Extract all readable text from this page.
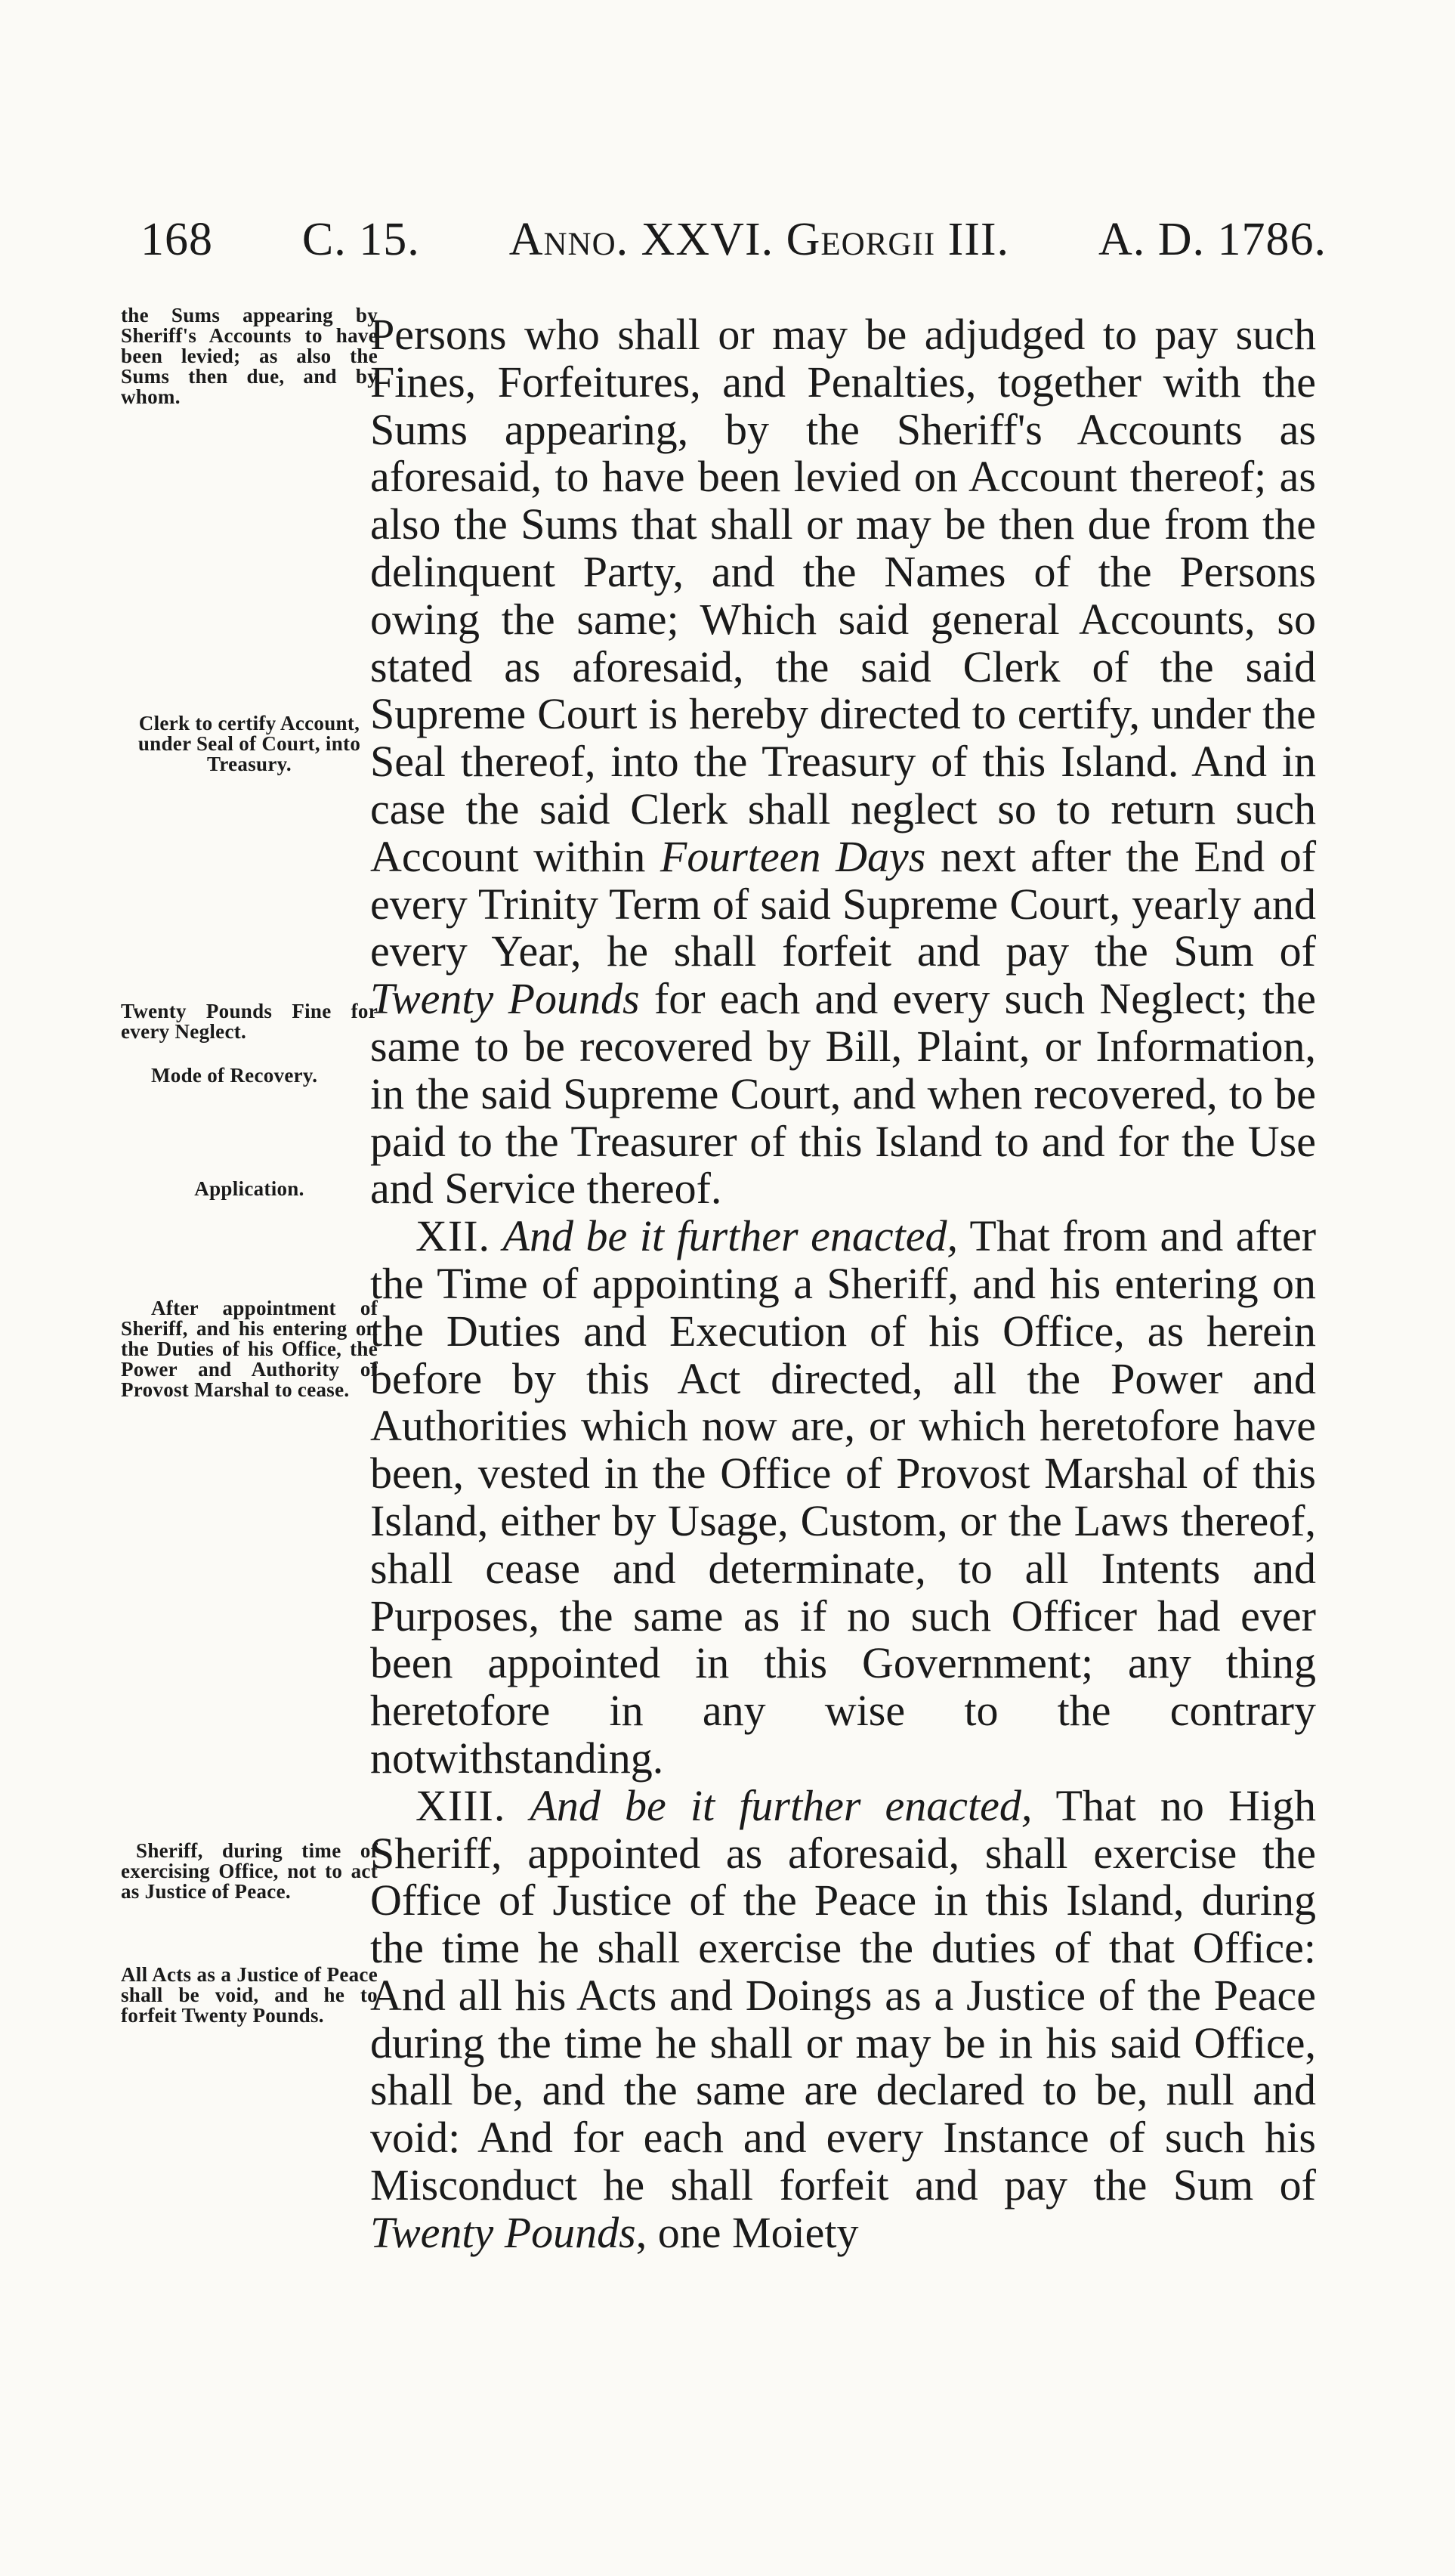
168 C. 15. Anno. XXVI. Georgii III. A. D. 1786.
the Sums appearing by Sheriff's Accounts to have been levied; as also the Sums then due, and by whom.
Clerk to certify Account, under Seal of Court, into Treasury.
Twenty Pounds Fine for every Neglect.
Mode of Recovery.
Application.
After appointment of Sheriff, and his entering on the Duties of his Office, the Power and Authority of Provost Marshal to cease.
Sheriff, during time of exercising Office, not to act as Justice of Peace.
All Acts as a Justice of Peace shall be void, and he to forfeit Twenty Pounds.

Persons who shall or may be adjudged to pay such Fines, Forfeitures, and Penalties, together with the Sums appearing, by the Sheriff's Accounts as aforesaid, to have been levied on Account thereof; as also the Sums that shall or may be then due from the delinquent Party, and the Names of the Persons owing the same; Which said general Accounts, so stated as aforesaid, the said Clerk of the said Supreme Court is hereby directed to certify, under the Seal thereof, into the Treasury of this Island. And in case the said Clerk shall neglect so to return such Account within Fourteen Days next after the End of every Trinity Term of said Supreme Court, yearly and every Year, he shall forfeit and pay the Sum of Twenty Pounds for each and every such Neglect; the same to be recovered by Bill, Plaint, or Information, in the said Supreme Court, and when recovered, to be paid to the Treasurer of this Island to and for the Use and Service thereof.

XII. And be it further enacted, That from and after the Time of appointing a Sheriff, and his entering on the Duties and Execution of his Office, as herein before by this Act directed, all the Power and Authorities which now are, or which heretofore have been, vested in the Office of Provost Marshal of this Island, either by Usage, Custom, or the Laws thereof, shall cease and determinate, to all Intents and Purposes, the same as if no such Officer had ever been appointed in this Government; any thing heretofore in any wise to the contrary notwithstanding.

XIII. And be it further enacted, That no High Sheriff, appointed as aforesaid, shall exercise the Office of Justice of the Peace in this Island, during the time he shall exercise the duties of that Office: And all his Acts and Doings as a Justice of the Peace during the time he shall or may be in his said Office, shall be, and the same are declared to be, null and void: And for each and every Instance of such his Misconduct he shall forfeit and pay the Sum of Twenty Pounds, one Moiety
